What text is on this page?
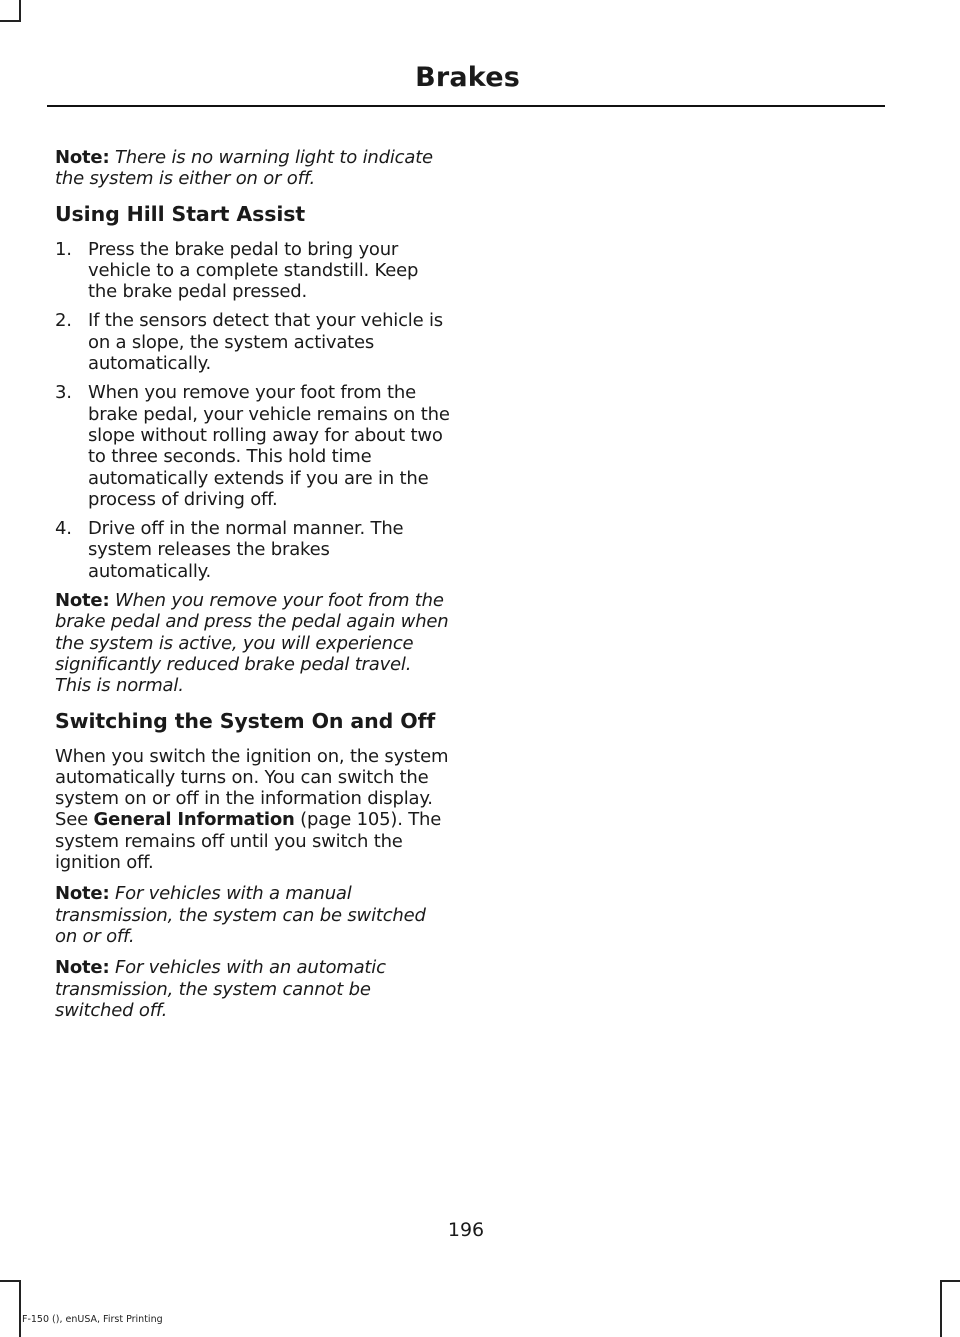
Brakes

Note: There is no warning light to indicate the system is either on or off.

Using Hill Start Assist
1. Press the brake pedal to bring your vehicle to a complete standstill. Keep the brake pedal pressed.
2. If the sensors detect that your vehicle is on a slope, the system activates automatically.
3. When you remove your foot from the brake pedal, your vehicle remains on the slope without rolling away for about two to three seconds. This hold time automatically extends if you are in the process of driving off.
4. Drive off in the normal manner. The system releases the brakes automatically.

Note: When you remove your foot from the brake pedal and press the pedal again when the system is active, you will experience significantly reduced brake pedal travel. This is normal.

Switching the System On and Off

When you switch the ignition on, the system automatically turns on. You can switch the system on or off in the information display. See General Information (page 105). The system remains off until you switch the ignition off.

Note: For vehicles with a manual transmission, the system can be switched on or off.

Note: For vehicles with an automatic transmission, the system cannot be switched off.

196
F-150 (), enUSA, First Printing
